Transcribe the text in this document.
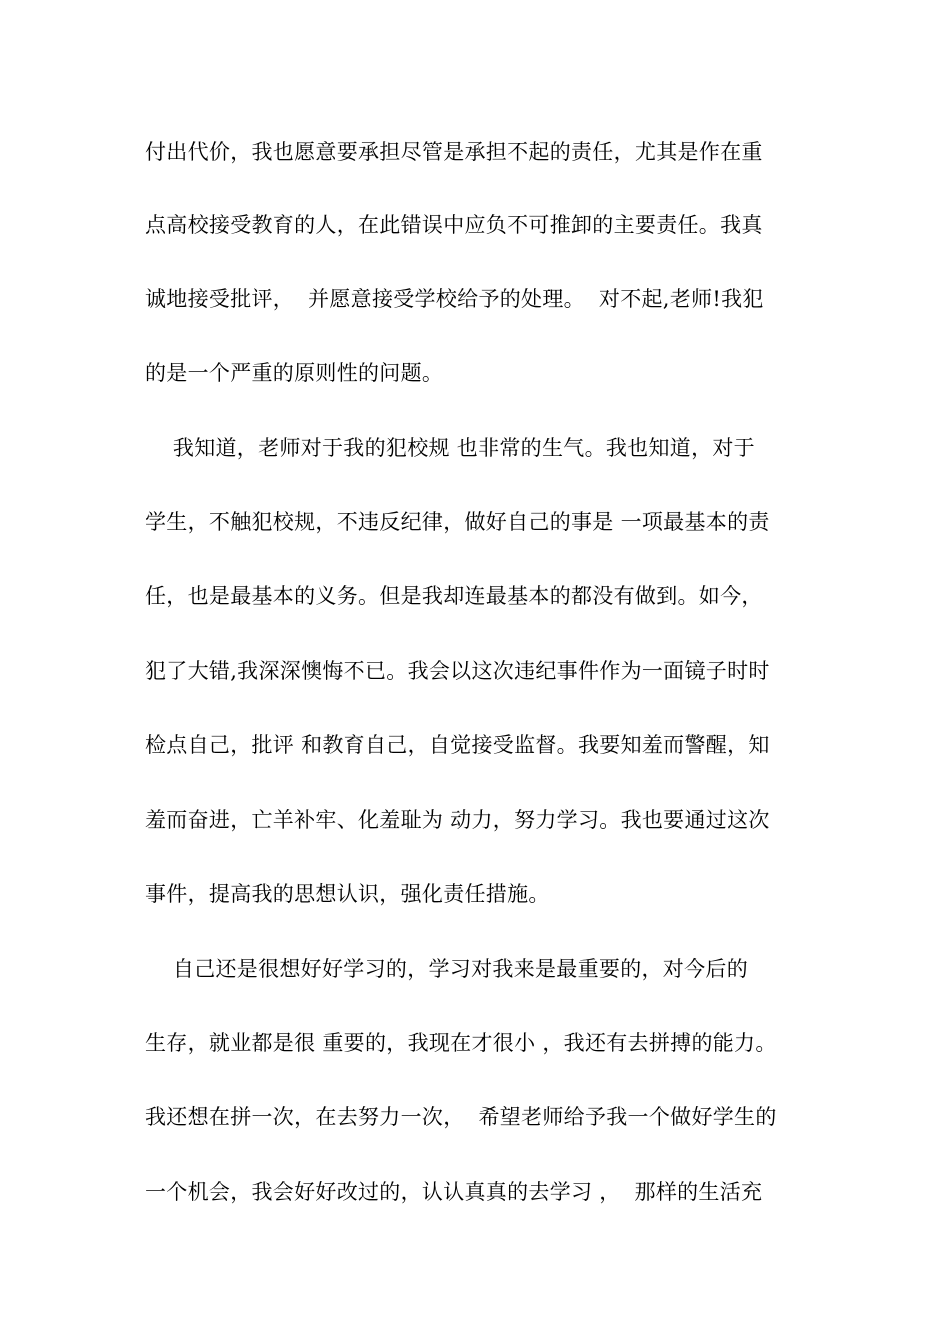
付出代价，我也愿意要承担尽管是承担不起的责任，尤其是作在重
点高校接受教育的人，在此错误中应负不可推卸的主要责任。我真
诚地接受批评，  并愿意接受学校给予的处理。  对不起,老师!我犯
的是一个严重的原则性的问题。
我知道，老师对于我的犯校规 也非常的生气。我也知道，对于
学生，不触犯校规，不违反纪律，做好自己的事是 一项最基本的责
任，也是最基本的义务。但是我却连最基本的都没有做到。如今，
犯了大错,我深深懊悔不已。我会以这次违纪事件作为一面镜子时时
检点自己，批评 和教育自己，自觉接受监督。我要知羞而警醒，知
羞而奋进，亡羊补牢、化羞耻为 动力，努力学习。我也要通过这次
事件，提高我的思想认识，强化责任措施。
自己还是很想好好学习的，学习对我来是最重要的，对今后的
生存，就业都是很 重要的，我现在才很小 ，我还有去拼搏的能力。
我还想在拼一次，在去努力一次，  希望老师给予我一个做好学生的
一个机会，我会好好改过的，认认真真的去学习 ，  那样的生活充
